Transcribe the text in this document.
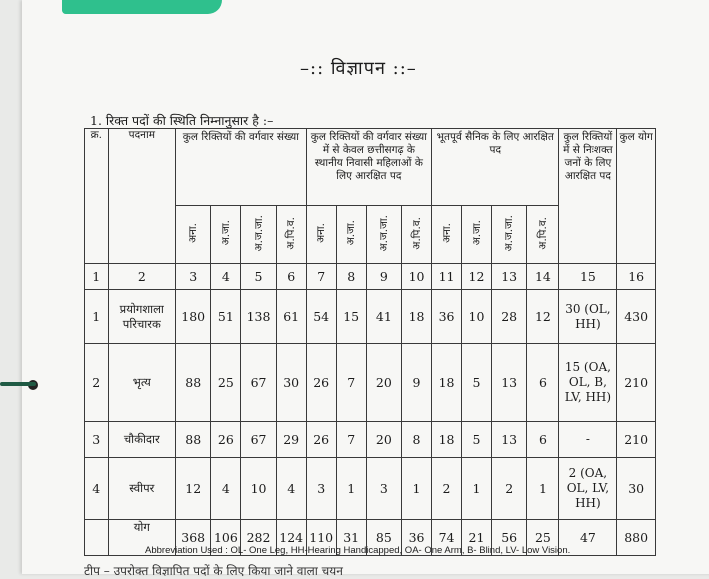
–:: विज्ञापन ::–
1. रिक्त पदों की स्थिति निम्नानुसार है :–
क्र.	पदनाम	कुल रिक्तियों की वर्गवार संख्या				कुल रिक्तियों की वर्गवार संख्या में से केवल छत्तीसगढ़ के स्थानीय निवासी महिलाओं के लिए आरक्षित पद				भूतपूर्व सैनिक के लिए आरक्षित पद				कुल रिक्तियों में से निःशक्त जनों के लिए आरक्षित पद	कुल योग
		अना.	अ.जा.	अ.ज.जा.	अ.पि.व.	अना.	अ.जा.	अ.ज.जा.	अ.पि.व.	अना.	अ.जा.	अ.ज.जा.	अ.पि.व.		
1	2	3	4	5	6	7	8	9	10	11	12	13	14	15	16
1	प्रयोगशाला परिचारक	180	51	138	61	54	15	41	18	36	10	28	12	30 (OL, HH)	430
2	भृत्य	88	25	67	30	26	7	20	9	18	5	13	6	15 (OA, OL, B, LV, HH)	210
3	चौकीदार	88	26	67	29	26	7	20	8	18	5	13	6	-	210
4	स्वीपर	12	4	10	4	3	1	3	1	2	1	2	1	2 (OA, OL, LV, HH)	30
	योग	368	106	282	124	110	31	85	36	74	21	56	25	47	880
Abbreviation Used : OL- One Leg, HH-Hearing Handicapped, OA- One Arm, B- Blind, LV- Low Vision.
टीप – उपरोक्त विज्ञापित पदों के लिए किया जाने वाला चयन
